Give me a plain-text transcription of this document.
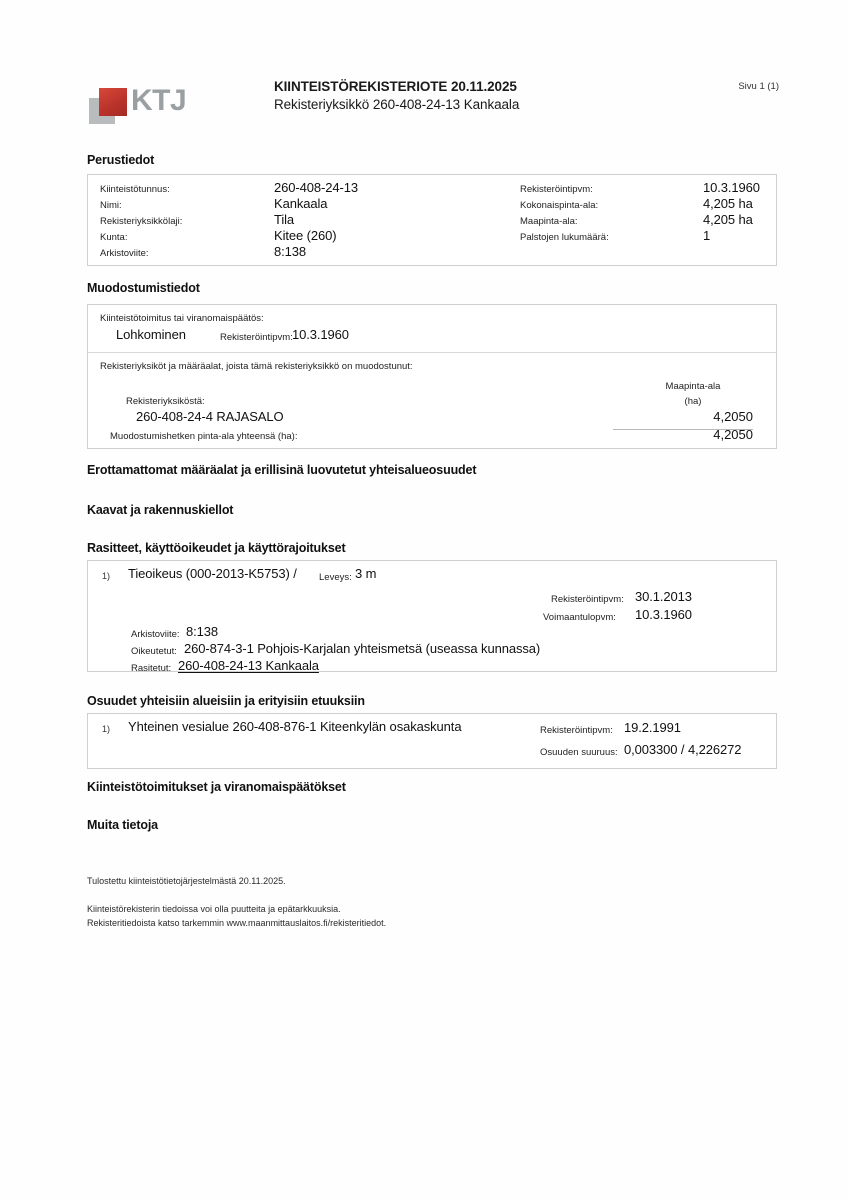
KTJ	KIINTEISTÖREKISTERIOTE 20.11.2025
Rekisteriyksikkö 260-408-24-13 Kankaala
Sivu 1 (1)
Perustiedot
Kiinteistötunnus:	260-408-24-13
Nimi:	Kankaala
Rekisteriyksikkölaji:	Tila
Kunta:	Kitee (260)
Arkistoviite:	8:138
Rekisteröintipvm:	10.3.1960
Kokonaispinta-ala:	4,205 ha
Maapinta-ala:	4,205 ha
Palstojen lukumäärä:	1
Muodostumistiedot
Kiinteistötoimitus tai viranomaispäätös:
Lohkominen	Rekisteröintipvm: 10.3.1960
Rekisteriyksiköt ja määräalat, joista tämä rekisteriyksikkö on muodostunut:
Maapinta-ala
(ha)
Rekisteriyksiköstä:
260-408-24-4 RAJASALO	4,2050
Muodostumishetken pinta-ala yhteensä (ha):	4,2050
Erottamattomat määräalat ja erillisinä luovutetut yhteisalueosuudet
Kaavat ja rakennuskiellot
Rasitteet, käyttöoikeudet ja käyttörajoitukset
1) Tieoikeus (000-2013-K5753) / Leveys: 3 m
Rekisteröintipvm: 30.1.2013
Voimaantulopvm: 10.3.1960
Arkistoviite: 8:138
Oikeutetut: 260-874-3-1 Pohjois-Karjalan yhteismetsä (useassa kunnassa)
Rasitetut: 260-408-24-13 Kankaala
Osuudet yhteisiin alueisiin ja erityisiin etuuksiin
1) Yhteinen vesialue 260-408-876-1 Kiteenkylän osakaskunta	Rekisteröintipvm: 19.2.1991
Osuuden suuruus: 0,003300 / 4,226272
Kiinteistötoimitukset ja viranomaispäätökset
Muita tietoja
Tulostettu kiinteistötietojärjestelmästä 20.11.2025.
Kiinteistörekisterin tiedoissa voi olla puutteita ja epätarkkuuksia.
Rekisteritiedoista katso tarkemmin www.maanmittauslaitos.fi/rekisteritiedot.
